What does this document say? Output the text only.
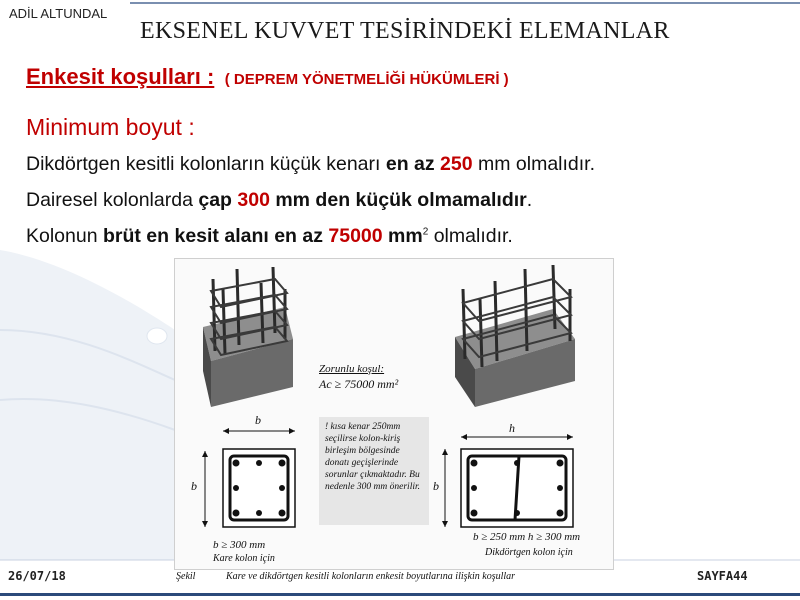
ADİL ALTUNDAL
EKSENEL KUVVET TESİRİNDEKİ ELEMANLAR
Enkesit koşulları : ( DEPREM YÖNETMELİĞİ HÜKÜMLERİ )
Minimum boyut :
Dikdörtgen kesitli kolonların küçük kenarı en az 250 mm olmalıdır.
Dairesel kolonlarda çap 300 mm den küçük olmamalıdır.
Kolonun brüt en kesit alanı en az 75000 $mm^2$ olmalıdır.
Zorunlu koşul:
Ac ≥ 75000 mm²
! kısa kenar 250mm seçilirse kolon-kiriş birleşim bölgesinde donatı geçişlerinde sorunlar çıkmaktadır. Bu nedenle 300 mm önerilir.
b
b
h
b
b ≥ 300 mm
Kare kolon için
b ≥ 250 mm h ≥ 300 mm
Dikdörtgen kolon için
Şekil	Kare ve dikdörtgen kesitli kolonların enkesit boyutlarına ilişkin koşullar
26/07/18	SAYFA44
